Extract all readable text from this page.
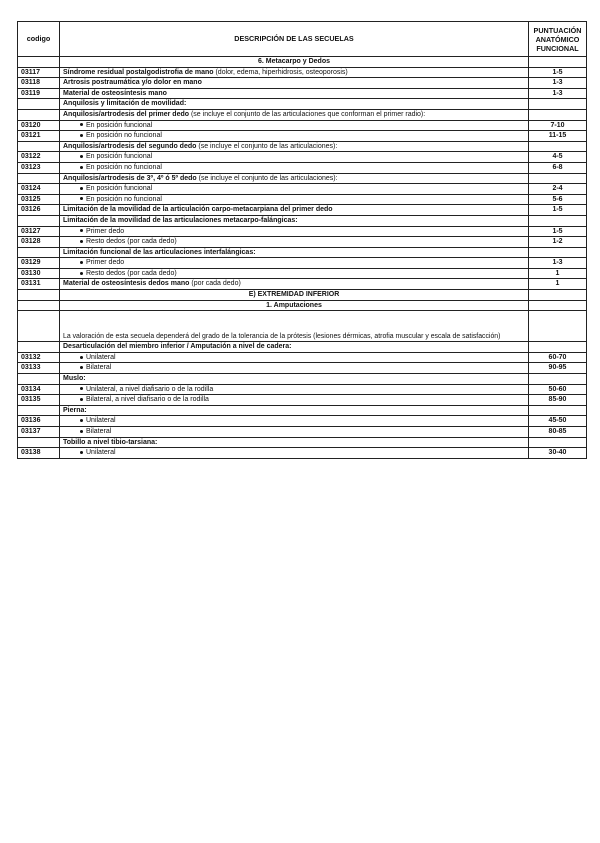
codigo	DESCRIPCIÓN DE LAS SECUELAS	PUNTUACIÓN ANATÓMICO FUNCIONAL
	6. Metacarpo y Dedos	
03117	Síndrome residual postalgodistrofia de mano (dolor, edema, hiperhidrosis, osteoporosis)	1-5
03118	Artrosis postraumática y/o dolor en mano	1-3
03119	Material de osteosíntesis mano	1-3
	Anquilosis y limitación de movilidad:	
	Anquilosis/artrodesis del primer dedo (se incluye el conjunto de las articulaciones que conforman el primer radio):	
03120	En posición funcional	7-10
03121	En posición no funcional	11-15
	Anquilosis/artrodesis del segundo dedo (se incluye el conjunto de las articulaciones):	
03122	En posición funcional	4-5
03123	En posición no funcional	6-8
	Anquilosis/artrodesis de 3º, 4º ó 5º dedo (se incluye el conjunto de las articulaciones):	
03124	En posición funcional	2-4
03125	En posición no funcional	5-6
03126	Limitación de la movilidad de la articulación carpo-metacarpiana del primer dedo	1-5
	Limitación de la movilidad de las articulaciones metacarpo-falángicas:	
03127	Primer dedo	1-5
03128	Resto dedos (por cada dedo)	1-2
	Limitación funcional de las articulaciones interfalángicas:	
03129	Primer dedo	1-3
03130	Resto dedos (por cada dedo)	1
03131	Material de osteosíntesis dedos mano (por cada dedo)	1
	E) EXTREMIDAD INFERIOR	
	1. Amputaciones	
	La valoración de esta secuela dependerá del grado de la tolerancia de la prótesis (lesiones dérmicas, atrofia muscular y escala de satisfacción)	
	Desarticulación del miembro inferior / Amputación a nivel de cadera:	
03132	Unilateral	60-70
03133	Bilateral	90-95
	Muslo:	
03134	Unilateral, a nivel diafisario o de la rodilla	50-60
03135	Bilateral, a nivel diafisario o de la rodilla	85-90
	Pierna:	
03136	Unilateral	45-50
03137	Bilateral	80-85
	Tobillo a nivel tibio-tarsiana:	
03138	Unilateral	30-40
